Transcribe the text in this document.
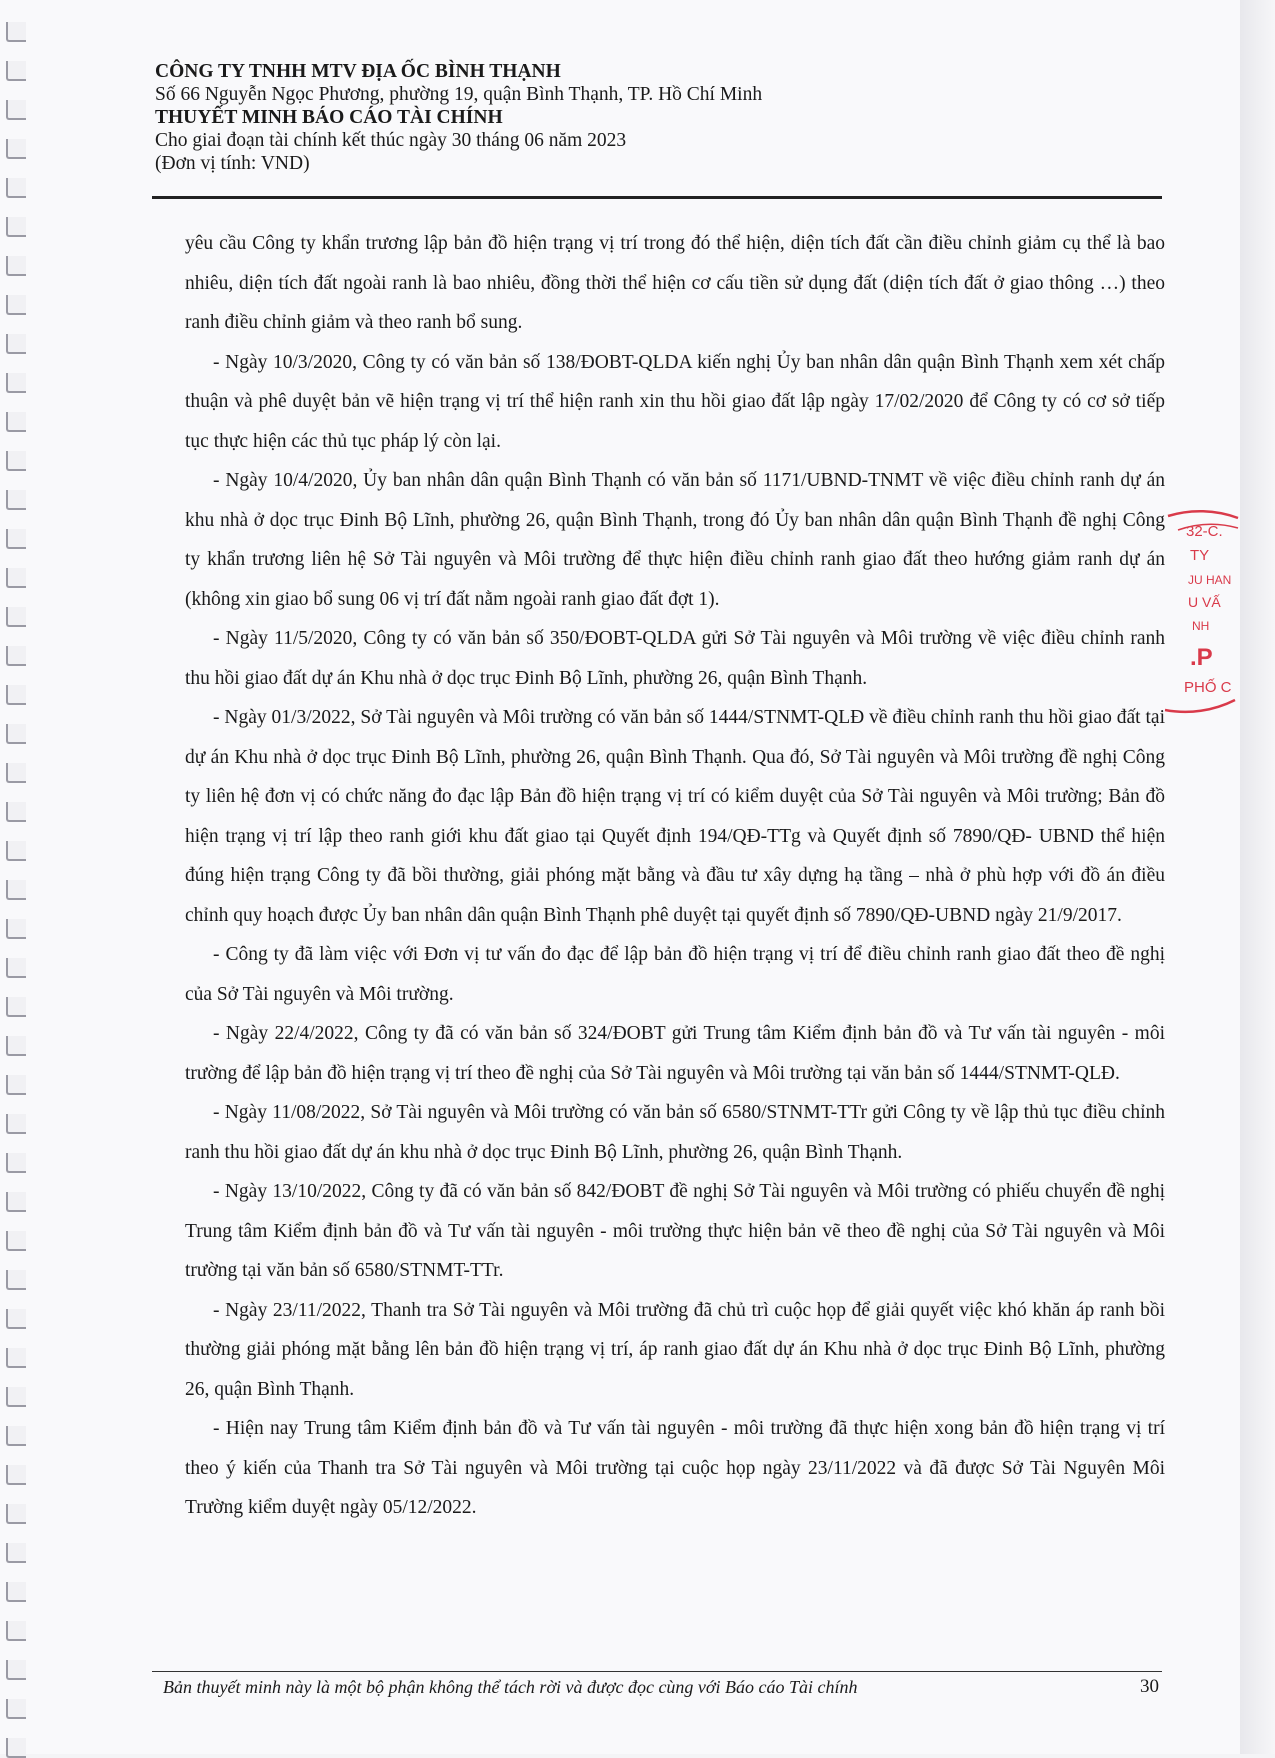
CÔNG TY TNHH MTV ĐỊA ỐC BÌNH THẠNH
Số 66 Nguyễn Ngọc Phương, phường 19, quận Bình Thạnh, TP. Hồ Chí Minh
THUYẾT MINH BÁO CÁO TÀI CHÍNH
Cho giai đoạn tài chính kết thúc ngày 30 tháng 06 năm 2023
(Đơn vị tính: VND)

yêu cầu Công ty khẩn trương lập bản đồ hiện trạng vị trí trong đó thể hiện, diện tích đất cần điều chỉnh giảm cụ thể là bao nhiêu, diện tích đất ngoài ranh là bao nhiêu, đồng thời thể hiện cơ cấu tiền sử dụng đất (diện tích đất ở giao thông …) theo ranh điều chỉnh giảm và theo ranh bổ sung.

- Ngày 10/3/2020, Công ty có văn bản số 138/ĐOBT-QLDA kiến nghị Ủy ban nhân dân quận Bình Thạnh xem xét chấp thuận và phê duyệt bản vẽ hiện trạng vị trí thể hiện ranh xin thu hồi giao đất lập ngày 17/02/2020 để Công ty có cơ sở tiếp tục thực hiện các thủ tục pháp lý còn lại.

- Ngày 10/4/2020, Ủy ban nhân dân quận Bình Thạnh có văn bản số 1171/UBND-TNMT về việc điều chỉnh ranh dự án khu nhà ở dọc trục Đinh Bộ Lĩnh, phường 26, quận Bình Thạnh, trong đó Ủy ban nhân dân quận Bình Thạnh đề nghị Công ty khẩn trương liên hệ Sở Tài nguyên và Môi trường để thực hiện điều chỉnh ranh giao đất theo hướng giảm ranh dự án (không xin giao bổ sung 06 vị trí đất nằm ngoài ranh giao đất đợt 1).

- Ngày 11/5/2020, Công ty có văn bản số 350/ĐOBT-QLDA gửi Sở Tài nguyên và Môi trường về việc điều chỉnh ranh thu hồi giao đất dự án Khu nhà ở dọc trục Đinh Bộ Lĩnh, phường 26, quận Bình Thạnh.

- Ngày 01/3/2022, Sở Tài nguyên và Môi trường có văn bản số 1444/STNMT-QLĐ về điều chỉnh ranh thu hồi giao đất tại dự án Khu nhà ở dọc trục Đinh Bộ Lĩnh, phường 26, quận Bình Thạnh. Qua đó, Sở Tài nguyên và Môi trường đề nghị Công ty liên hệ đơn vị có chức năng đo đạc lập Bản đồ hiện trạng vị trí có kiểm duyệt của Sở Tài nguyên và Môi trường; Bản đồ hiện trạng vị trí lập theo ranh giới khu đất giao tại Quyết định 194/QĐ-TTg và Quyết định số 7890/QĐ- UBND thể hiện đúng hiện trạng Công ty đã bồi thường, giải phóng mặt bằng và đầu tư xây dựng hạ tầng – nhà ở phù hợp với đồ án điều chỉnh quy hoạch được Ủy ban nhân dân quận Bình Thạnh phê duyệt tại quyết định số 7890/QĐ-UBND ngày 21/9/2017.

- Công ty đã làm việc với Đơn vị tư vấn đo đạc để lập bản đồ hiện trạng vị trí để điều chỉnh ranh giao đất theo đề nghị của Sở Tài nguyên và Môi trường.

- Ngày 22/4/2022, Công ty đã có văn bản số 324/ĐOBT gửi Trung tâm Kiểm định bản đồ và Tư vấn tài nguyên - môi trường để lập bản đồ hiện trạng vị trí theo đề nghị của Sở Tài nguyên và Môi trường tại văn bản số 1444/STNMT-QLĐ.

- Ngày 11/08/2022, Sở Tài nguyên và Môi trường có văn bản số 6580/STNMT-TTr gửi Công ty về lập thủ tục điều chỉnh ranh thu hồi giao đất dự án khu nhà ở dọc trục Đinh Bộ Lĩnh, phường 26, quận Bình Thạnh.

- Ngày 13/10/2022, Công ty đã có văn bản số 842/ĐOBT đề nghị Sở Tài nguyên và Môi trường có phiếu chuyển đề nghị Trung tâm Kiểm định bản đồ và Tư vấn tài nguyên - môi trường thực hiện bản vẽ theo đề nghị của Sở Tài nguyên và Môi trường tại văn bản số 6580/STNMT-TTr.

- Ngày 23/11/2022, Thanh tra Sở Tài nguyên và Môi trường đã chủ trì cuộc họp để giải quyết việc khó khăn áp ranh bồi thường giải phóng mặt bằng lên bản đồ hiện trạng vị trí, áp ranh giao đất dự án Khu nhà ở dọc trục Đinh Bộ Lĩnh, phường 26, quận Bình Thạnh.

- Hiện nay Trung tâm Kiểm định bản đồ và Tư vấn tài nguyên - môi trường đã thực hiện xong bản đồ hiện trạng vị trí theo ý kiến của Thanh tra Sở Tài nguyên và Môi trường tại cuộc họp ngày 23/11/2022 và đã được Sở Tài Nguyên Môi Trường kiểm duyệt ngày 05/12/2022.

Bản thuyết minh này là một bộ phận không thể tách rời và được đọc cùng với Báo cáo Tài chính	30
32-C.
TY
JU HAN
U VẤ
NH
.P
PHỐ C
